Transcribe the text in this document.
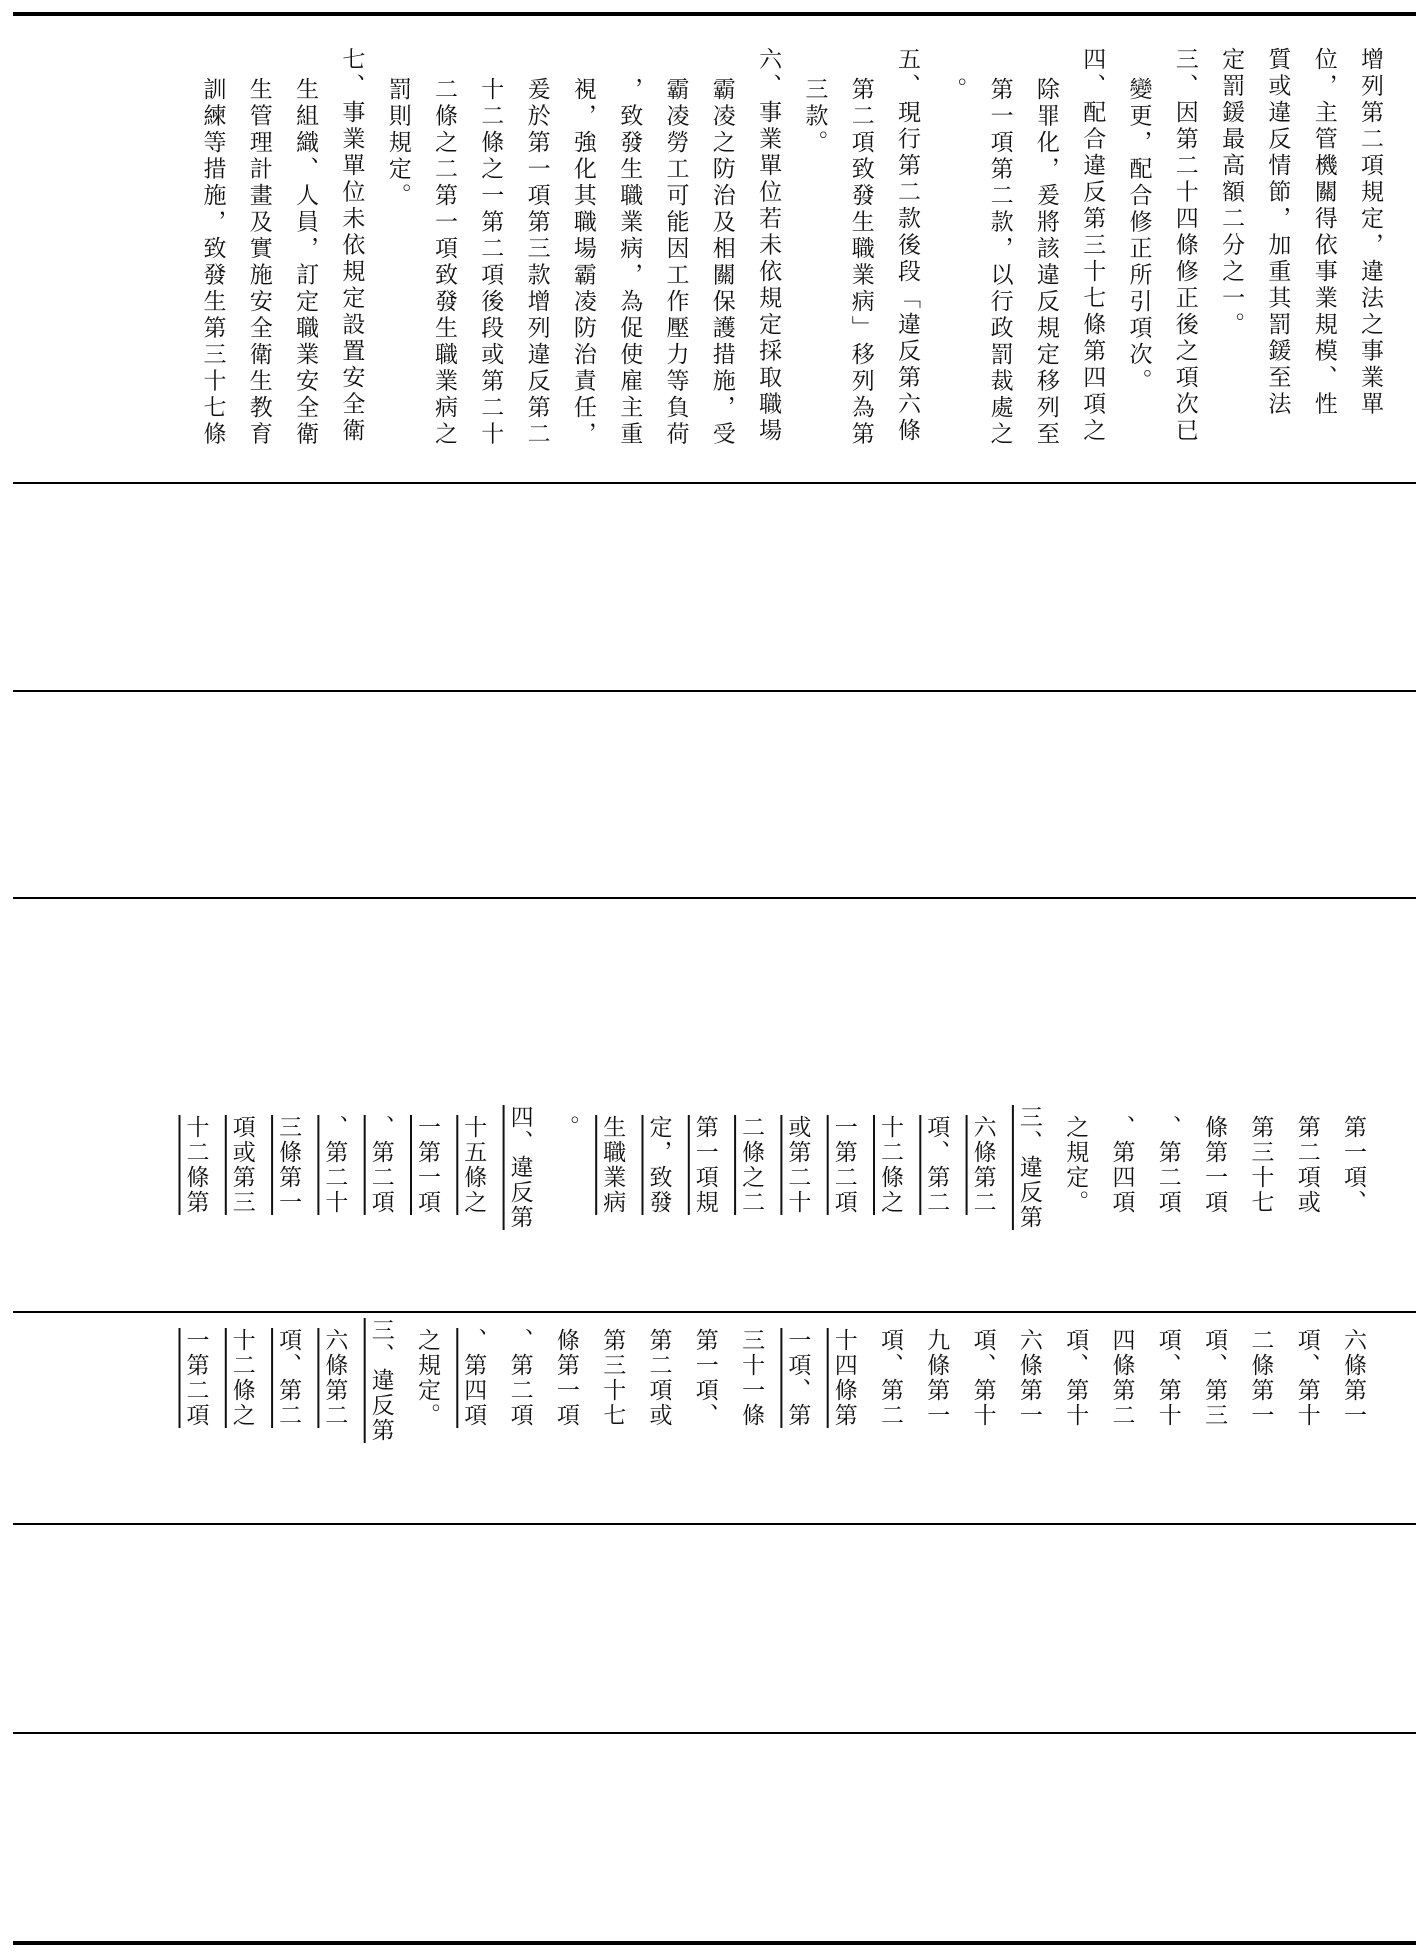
增列第二項規定，違法之事業單
位，主管機關得依事業規模、性
質或違反情節，加重其罰鍰至法
定罰鍰最高額二分之一。
三、因第二十四條修正後之項次已
變更，配合修正所引項次。
四、配合違反第三十七條第四項之
除罪化，爰將該違反規定移列至
第一項第二款，以行政罰裁處之
。
五、現行第二款後段「違反第六條
第二項致發生職業病」移列為第
三款。
六、事業單位若未依規定採取職場
霸凌之防治及相關保護措施，受
霸凌勞工可能因工作壓力等負荷
，致發生職業病，為促使雇主重
視，強化其職場霸凌防治責任，
爰於第一項第三款增列違反第二
十二條之一第二項後段或第二十
二條之二第一項致發生職業病之
罰則規定。
七、事業單位未依規定設置安全衛
生組織、人員，訂定職業安全衛
生管理計畫及實施安全衛生教育
訓練等措施，致發生第三十七條
第一項、
第二項或
第三十七
條第一項
、第二項
、第四項
之規定。
三、違反第
六條第二
項、第二
十二條之
一第二項
或第二十
二條之二
第一項規
定，致發
生職業病
。
四、違反第
十五條之
一第一項
、第二項
、第二十
三條第一
項或第三
十二條第
六條第一
項、第十
二條第一
項、第三
項、第十
四條第二
項、第十
六條第一
項、第十
九條第一
項、第二
十四條第
一項、第
三十一條
第一項、
第二項或
第三十七
條第一項
、第二項
、第四項
之規定。
三、違反第
六條第二
項、第二
十二條之
一第二項
